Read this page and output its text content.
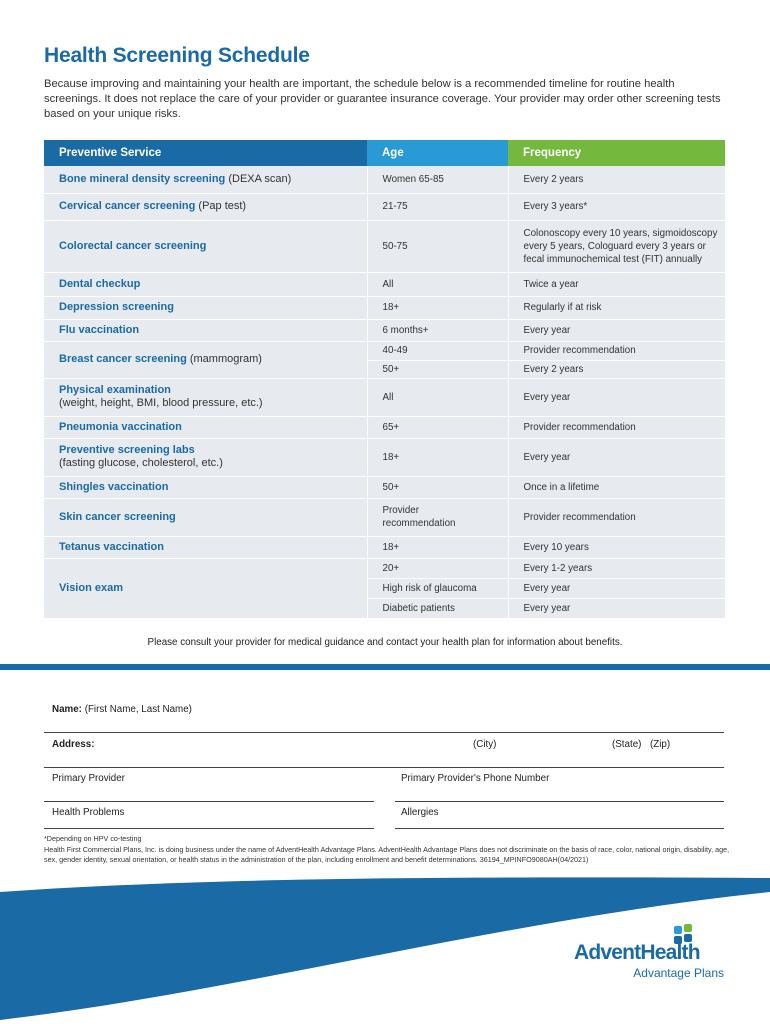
Health Screening Schedule
Because improving and maintaining your health are important, the schedule below is a recommended timeline for routine health screenings. It does not replace the care of your provider or guarantee insurance coverage. Your provider may order other screening tests based on your unique risks.
Preventive Service	Age	Frequency
Bone mineral density screening (DEXA scan)	Women 65-85	Every 2 years
Cervical cancer screening (Pap test)	21-75	Every 3 years*
Colorectal cancer screening	50-75	Colonoscopy every 10 years, sigmoidoscopy every 5 years, Cologuard every 3 years or fecal immunochemical test (FIT) annually
Dental checkup	All	Twice a year
Depression screening	18+	Regularly if at risk
Flu vaccination	6 months+	Every year
Breast cancer screening (mammogram)	40-49	Provider recommendation
	50+	Every 2 years
Physical examination
(weight, height, BMI, blood pressure, etc.)	All	Every year
Pneumonia vaccination	65+	Provider recommendation
Preventive screening labs
(fasting glucose, cholesterol, etc.)	18+	Every year
Shingles vaccination	50+	Once in a lifetime
Skin cancer screening	Provider recommendation	Provider recommendation
Tetanus vaccination	18+	Every 10 years
Vision exam	20+	Every 1-2 years
	High risk of glaucoma	Every year
	Diabetic patients	Every year
Please consult your provider for medical guidance and contact your health plan for information about benefits.
Name: (First Name, Last Name)
Address:	(City)	(State) (Zip)
Primary Provider	Primary Provider's Phone Number
Health Problems	Allergies
*Depending on HPV co-testing
Health First Commercial Plans, Inc. is doing business under the name of AdventHealth Advantage Plans. AdventHealth Advantage Plans does not discriminate on the basis of race, color, national origin, disability, age, sex, gender identity, sexual orientation, or health status in the administration of the plan, including enrollment and benefit determinations. 36194_MPINFO9080AH(04/2021)
AdventHealth
Advantage Plans
